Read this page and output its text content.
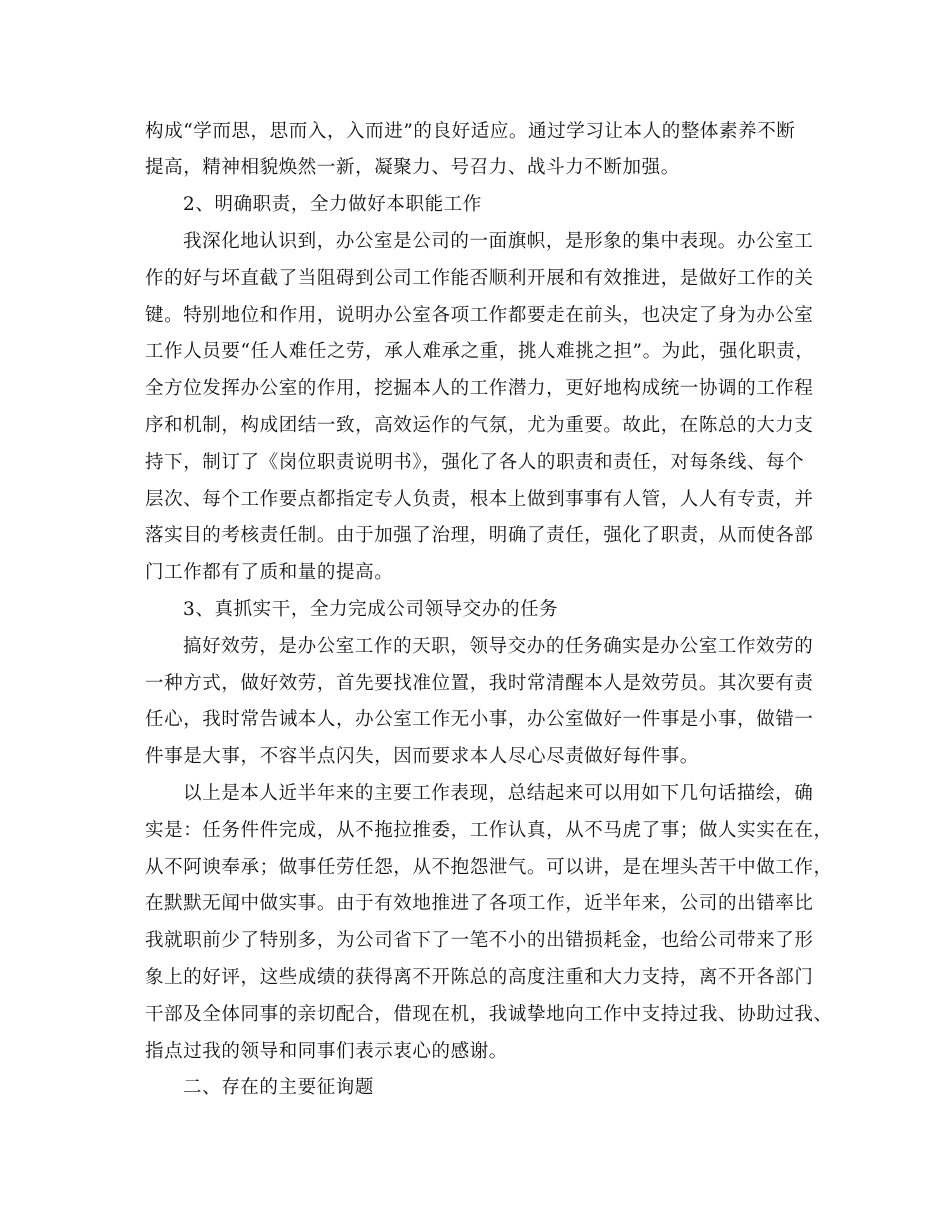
构成“学而思，思而入，入而进”的良好适应。通过学习让本人的整体素养不断
提高，精神相貌焕然一新，凝聚力、号召力、战斗力不断加强。
2、明确职责，全力做好本职能工作
我深化地认识到，办公室是公司的一面旗帜，是形象的集中表现。办公室工
作的好与坏直截了当阻碍到公司工作能否顺利开展和有效推进，是做好工作的关
键。特别地位和作用，说明办公室各项工作都要走在前头，也决定了身为办公室
工作人员要“任人难任之劳，承人难承之重，挑人难挑之担”。为此，强化职责，
全方位发挥办公室的作用，挖掘本人的工作潜力，更好地构成统一协调的工作程
序和机制，构成团结一致，高效运作的气氛，尤为重要。故此，在陈总的大力支
持下，制订了《岗位职责说明书》，强化了各人的职责和责任，对每条线、每个
层次、每个工作要点都指定专人负责，根本上做到事事有人管，人人有专责，并
落实目的考核责任制。由于加强了治理，明确了责任，强化了职责，从而使各部
门工作都有了质和量的提高。
3、真抓实干，全力完成公司领导交办的任务
搞好效劳，是办公室工作的天职，领导交办的任务确实是办公室工作效劳的
一种方式，做好效劳，首先要找准位置，我时常清醒本人是效劳员。其次要有责
任心，我时常告诫本人，办公室工作无小事，办公室做好一件事是小事，做错一
件事是大事，不容半点闪失，因而要求本人尽心尽责做好每件事。
以上是本人近半年来的主要工作表现，总结起来可以用如下几句话描绘，确
实是：任务件件完成，从不拖拉推委，工作认真，从不马虎了事；做人实实在在，
从不阿谀奉承；做事任劳任怨，从不抱怨泄气。可以讲，是在埋头苦干中做工作，
在默默无闻中做实事。由于有效地推进了各项工作，近半年来，公司的出错率比
我就职前少了特别多，为公司省下了一笔不小的出错损耗金，也给公司带来了形
象上的好评，这些成绩的获得离不开陈总的高度注重和大力支持，离不开各部门
干部及全体同事的亲切配合，借现在机，我诚挚地向工作中支持过我、协助过我、
指点过我的领导和同事们表示衷心的感谢。
二、存在的主要征询题
